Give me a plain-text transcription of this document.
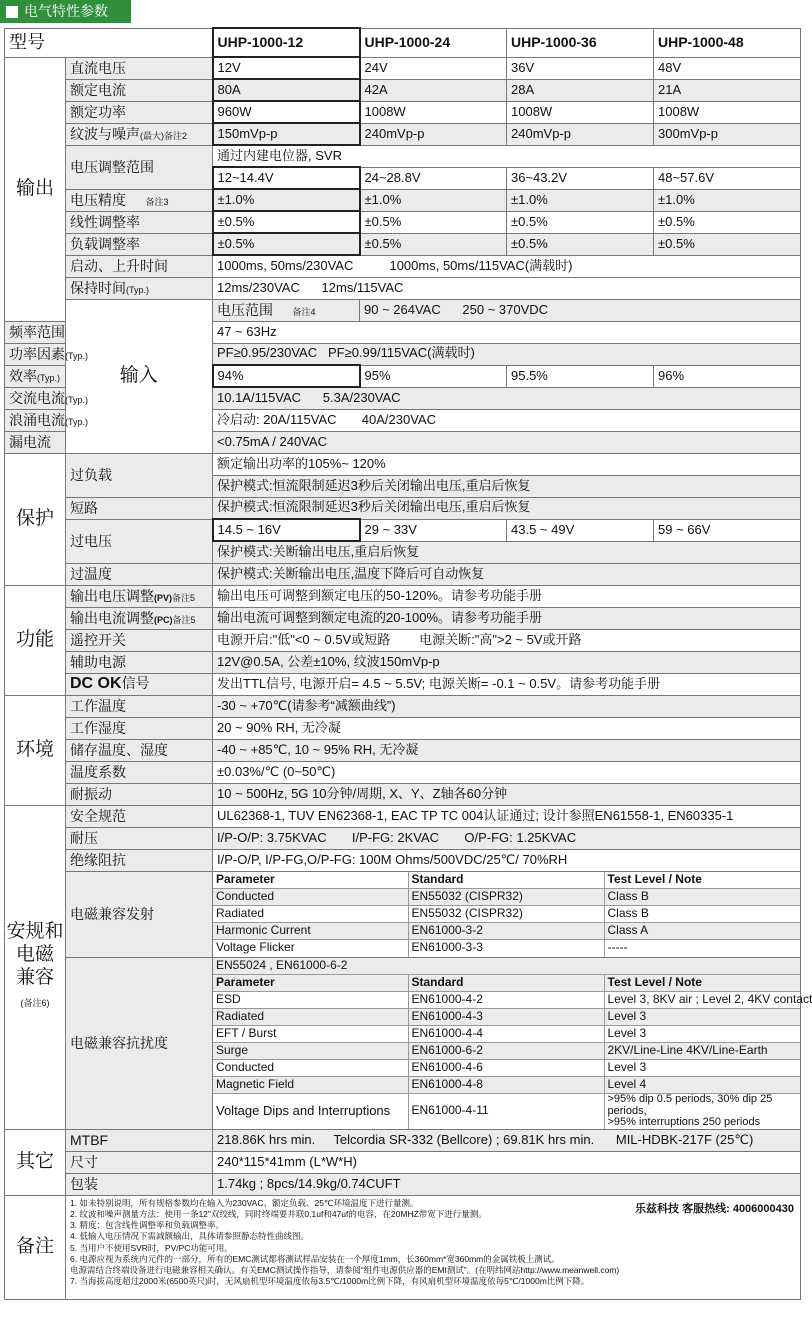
电气特性参数
型号	UHP-1000-12	UHP-1000-24	UHP-1000-36	UHP-1000-48
输出	直流电压	12V	24V	36V	48V
额定电流	80A	42A	28A	21A
额定功率	960W	1008W	1008W	1008W
纹波与噪声(最大)备注2	150mVp-p	240mVp-p	240mVp-p	300mVp-p
电压调整范围	通过内建电位器, SVR
12~14.4V	24~28.8V	36~43.2V	48~57.6V
电压精度 备注3	±1.0%	±1.0%	±1.0%	±1.0%
线性调整率	±0.5%	±0.5%	±0.5%	±0.5%
负载调整率	±0.5%	±0.5%	±0.5%	±0.5%
启动、上升时间	1000ms, 50ms/230VAC	1000ms, 50ms/115VAC(满载时)
保持时间(Typ.)	12ms/230VAC 12ms/115VAC
输入	电压范围 备注4	90 ~ 264VAC 250 ~ 370VDC
频率范围	47 ~ 63Hz
功率因素(Typ.)	PF≥0.95/230VAC PF≥0.99/115VAC(满载时)
效率(Typ.)	94%	95%	95.5%	96%
交流电流(Typ.)	10.1A/115VAC 5.3A/230VAC
浪涌电流(Typ.)	冷启动: 20A/115VAC 40A/230VAC
漏电流	<0.75mA / 240VAC
保护	过负载	额定输出功率的105%~ 120%
保护模式:恒流限制延迟3秒后关闭输出电压,重启后恢复
短路	保护模式:恒流限制延迟3秒后关闭输出电压,重启后恢复
过电压	14.5 ~ 16V	29 ~ 33V	43.5 ~ 49V	59 ~ 66V
保护模式:关断输出电压,重启后恢复
过温度	保护模式:关断输出电压,温度下降后可自动恢复
功能	输出电压调整(PV)备注5	输出电压可调整到额定电压的50-120%。请参考功能手册
输出电流调整(PC)备注5	输出电流可调整到额定电流的20-100%。请参考功能手册
遥控开关	电源开启:"低"<0 ~ 0.5V或短路 电源关断:"高">2 ~ 5V或开路
辅助电源	12V@0.5A, 公差±10%, 纹波150mVp-p
DC OK信号	发出TTL信号, 电源开启= 4.5 ~ 5.5V; 电源关断= -0.1 ~ 0.5V。请参考功能手册
环境	工作温度	-30 ~ +70℃(请参考“减额曲线”)
工作湿度	20 ~ 90% RH, 无冷凝
储存温度、湿度	-40 ~ +85℃, 10 ~ 95% RH, 无冷凝
温度系数	±0.03%/℃ (0~50℃)
耐振动	10 ~ 500Hz, 5G 10分钟/周期, X、Y、Z轴各60分钟
安规和
电磁
兼容
(备注6)	安全规范	UL62368-1, TUV EN62368-1, EAC TP TC 004认证通过; 设计参照EN61558-1, EN60335-1
耐压	I/P-O/P: 3.75KVAC I/P-FG: 2KVAC O/P-FG: 1.25KVAC
绝缘阻抗	I/P-O/P, I/P-FG,O/P-FG: 100M Ohms/500VDC/25℃/ 70%RH
电磁兼容发射	
Parameter	Standard	Test Level / Note
Conducted	EN55032 (CISPR32)	Class B
Radiated	EN55032 (CISPR32)	Class B
Harmonic Current	EN61000-3-2	Class A
Voltage Flicker	EN61000-3-3	-----

电磁兼容抗扰度	
EN55024 , EN61000-6-2
Parameter	Standard	Test Level / Note
ESD	EN61000-4-2	Level 3, 8KV air ; Level 2, 4KV contact
Radiated	EN61000-4-3	Level 3
EFT / Burst	EN61000-4-4	Level 3
Surge	EN61000-6-2	2KV/Line-Line 4KV/Line-Earth
Conducted	EN61000-4-6	Level 3
Magnetic Field	EN61000-4-8	Level 4
Voltage Dips and Interruptions	EN61000-4-11	>95% dip 0.5 periods, 30% dip 25 periods,
>95% interruptions 250 periods

其它	MTBF	218.86K hrs min. Telcordia SR-332 (Bellcore) ; 69.81K hrs min. MIL-HDBK-217F (25℃)
尺寸	240*115*41mm (L*W*H)
包装	1.74kg ; 8pcs/14.9kg/0.74CUFT
备注	
乐兹科技 客服热线: 4006000430
1. 如未特别说明，所有规格参数均在输入为230VAC、额定负载、25℃环境温度下进行量测。
2. 纹波和噪声测量方法：使用一条12"双绞线，同时终端要并联0.1uf和47uf的电容，在20MHZ带宽下进行量测。
3. 精度：包含线性调整率和负载调整率。
4. 低输入电压情况下需减额输出，具体请参照静态特性曲线图。
5. 当用户不使用SVR时，PV/PC功能可用。
6. 电源应视为系统内元件的一部分，所有的EMC测试都将测试样品安装在一个厚度1mm，长360mm*宽360mm的金属铁板上测试。
电源需结合终端设备进行电磁兼容相关确认。有关EMC测试操作指导，请参阅“组件电源供应器的EMI测试”。(在明纬网站http://www.meanwell.com)
7. 当海拔高度超过2000米(6500英尺)时，无风扇机型环境温度依每3.5℃/1000m比例下降，有风扇机型环境温度依每5℃/1000m比例下降。
